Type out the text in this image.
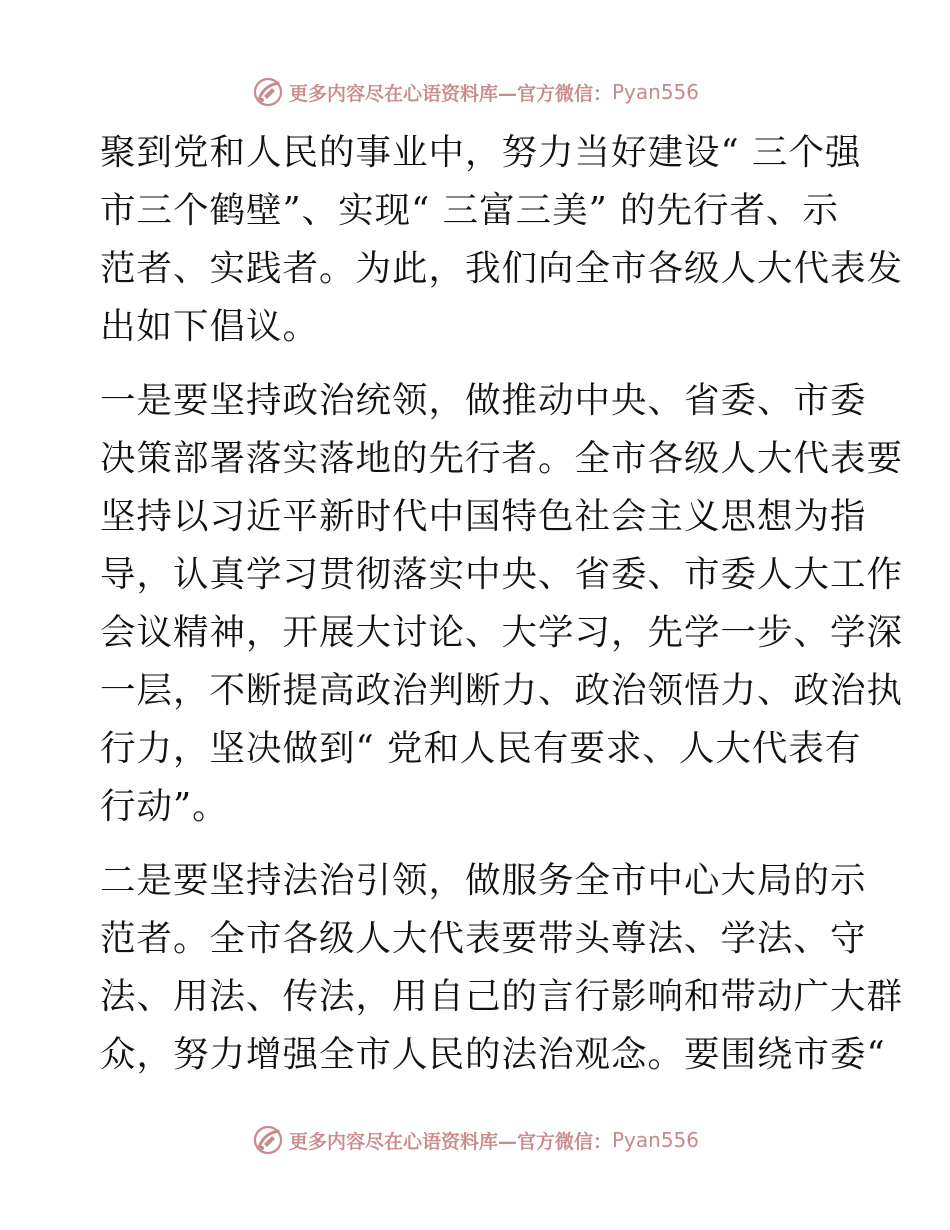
更多内容尽在心语资料库—官方微信： Pyan556

聚到党和人民的事业中，努力当好建设“ 三个强
市三个鹤壁”、实现“ 三富三美” 的先行者、示
范者、实践者。为此，我们向全市各级人大代表发
出如下倡议。

一是要坚持政治统领，做推动中央、省委、市委
决策部署落实落地的先行者。全市各级人大代表要
坚持以习近平新时代中国特色社会主义思想为指
导，认真学习贯彻落实中央、省委、市委人大工作
会议精神，开展大讨论、大学习，先学一步、学深
一层，不断提高政治判断力、政治领悟力、政治执
行力，坚决做到“ 党和人民有要求、人大代表有
行动”。

二是要坚持法治引领，做服务全市中心大局的示
范者。全市各级人大代表要带头尊法、学法、守
法、用法、传法，用自己的言行影响和带动广大群
众，努力增强全市人民的法治观念。要围绕市委“

更多内容尽在心语资料库—官方微信： Pyan556
